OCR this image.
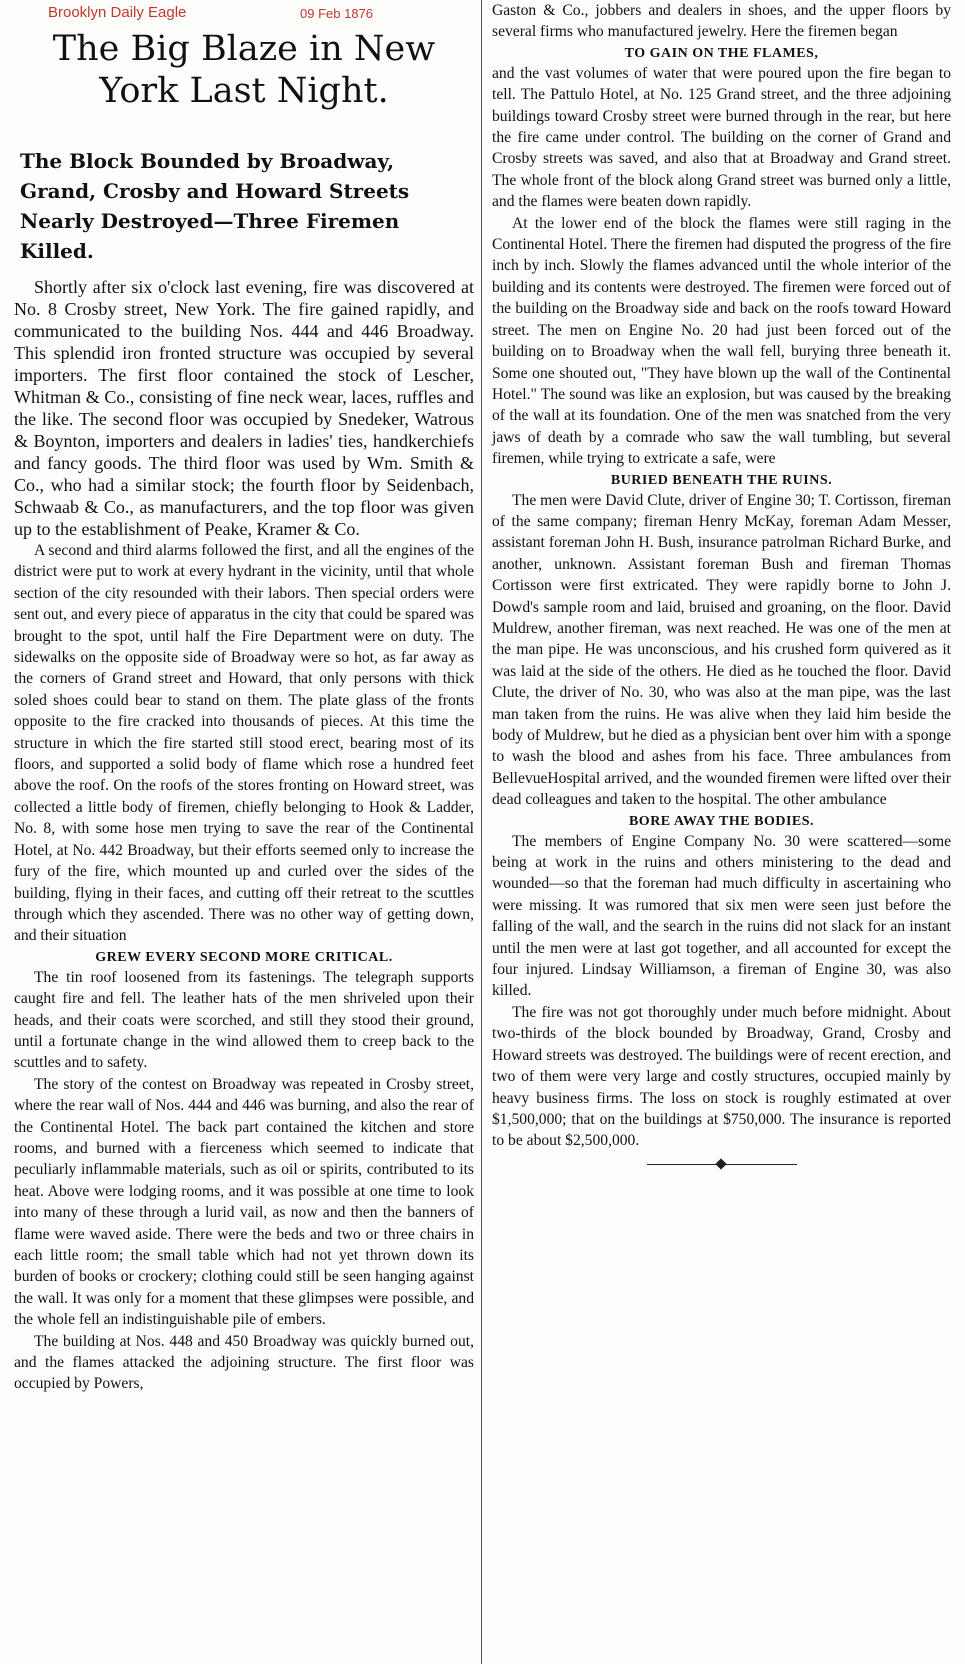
Brooklyn Daily Eagle	09 Feb 1876
The Big Blaze in New York Last Night.
The Block Bounded by Broadway, Grand, Crosby and Howard Streets Nearly Destroyed—Three Firemen Killed.

Shortly after six o'clock last evening, fire was discovered at No. 8 Crosby street, New York. The fire gained rapidly, and communicated to the building Nos. 444 and 446 Broadway. This splendid iron fronted structure was occupied by several importers. The first floor contained the stock of Lescher, Whitman & Co., consisting of fine neck wear, laces, ruffles and the like. The second floor was occupied by Snedeker, Watrous & Boynton, importers and dealers in ladies' ties, handkerchiefs and fancy goods. The third floor was used by Wm. Smith & Co., who had a similar stock; the fourth floor by Seidenbach, Schwaab & Co., as manufacturers, and the top floor was given up to the establishment of Peake, Kramer & Co.

A second and third alarms followed the first, and all the engines of the district were put to work at every hydrant in the vicinity, until that whole section of the city resounded with their labors. Then special orders were sent out, and every piece of apparatus in the city that could be spared was brought to the spot, until half the Fire Department were on duty. The sidewalks on the opposite side of Broadway were so hot, as far away as the corners of Grand street and Howard, that only persons with thick soled shoes could bear to stand on them. The plate glass of the fronts opposite to the fire cracked into thousands of pieces. At this time the structure in which the fire started still stood erect, bearing most of its floors, and supported a solid body of flame which rose a hundred feet above the roof. On the roofs of the stores fronting on Howard street, was collected a little body of firemen, chiefly belonging to Hook & Ladder, No. 8, with some hose men trying to save the rear of the Continental Hotel, at No. 442 Broadway, but their efforts seemed only to increase the fury of the fire, which mounted up and curled over the sides of the building, flying in their faces, and cutting off their retreat to the scuttles through which they ascended. There was no other way of getting down, and their situation

GREW EVERY SECOND MORE CRITICAL.

The tin roof loosened from its fastenings. The telegraph supports caught fire and fell. The leather hats of the men shriveled upon their heads, and their coats were scorched, and still they stood their ground, until a fortunate change in the wind allowed them to creep back to the scuttles and to safety.

The story of the contest on Broadway was repeated in Crosby street, where the rear wall of Nos. 444 and 446 was burning, and also the rear of the Continental Hotel. The back part contained the kitchen and store rooms, and burned with a fierceness which seemed to indicate that peculiarly inflammable materials, such as oil or spirits, contributed to its heat. Above were lodging rooms, and it was possible at one time to look into many of these through a lurid vail, as now and then the banners of flame were waved aside. There were the beds and two or three chairs in each little room; the small table which had not yet thrown down its burden of books or crockery; clothing could still be seen hanging against the wall. It was only for a moment that these glimpses were possible, and the whole fell an indistinguishable pile of embers.

The building at Nos. 448 and 450 Broadway was quickly burned out, and the flames attacked the adjoining structure. The first floor was occupied by Powers,

Gaston & Co., jobbers and dealers in shoes, and the upper floors by several firms who manufactured jewelry. Here the firemen began

TO GAIN ON THE FLAMES,

and the vast volumes of water that were poured upon the fire began to tell. The Pattulo Hotel, at No. 125 Grand street, and the three adjoining buildings toward Crosby street were burned through in the rear, but here the fire came under control. The building on the corner of Grand and Crosby streets was saved, and also that at Broadway and Grand street. The whole front of the block along Grand street was burned only a little, and the flames were beaten down rapidly.

At the lower end of the block the flames were still raging in the Continental Hotel. There the firemen had disputed the progress of the fire inch by inch. Slowly the flames advanced until the whole interior of the building and its contents were destroyed. The firemen were forced out of the building on the Broadway side and back on the roofs toward Howard street. The men on Engine No. 20 had just been forced out of the building on to Broadway when the wall fell, burying three beneath it. Some one shouted out, "They have blown up the wall of the Continental Hotel." The sound was like an explosion, but was caused by the breaking of the wall at its foundation. One of the men was snatched from the very jaws of death by a comrade who saw the wall tumbling, but several firemen, while trying to extricate a safe, were

BURIED BENEATH THE RUINS.

The men were David Clute, driver of Engine 30; T. Cortisson, fireman of the same company; fireman Henry McKay, foreman Adam Messer, assistant foreman John H. Bush, insurance patrolman Richard Burke, and another, unknown. Assistant foreman Bush and fireman Thomas Cortisson were first extricated. They were rapidly borne to John J. Dowd's sample room and laid, bruised and groaning, on the floor. David Muldrew, another fireman, was next reached. He was one of the men at the man pipe. He was unconscious, and his crushed form quivered as it was laid at the side of the others. He died as he touched the floor. David Clute, the driver of No. 30, who was also at the man pipe, was the last man taken from the ruins. He was alive when they laid him beside the body of Muldrew, but he died as a physician bent over him with a sponge to wash the blood and ashes from his face. Three ambulances from BellevueHospital arrived, and the wounded firemen were lifted over their dead colleagues and taken to the hospital. The other ambulance

BORE AWAY THE BODIES.

The members of Engine Company No. 30 were scattered—some being at work in the ruins and others ministering to the dead and wounded—so that the foreman had much difficulty in ascertaining who were missing. It was rumored that six men were seen just before the falling of the wall, and the search in the ruins did not slack for an instant until the men were at last got together, and all accounted for except the four injured. Lindsay Williamson, a fireman of Engine 30, was also killed.

The fire was not got thoroughly under much before midnight. About two-thirds of the block bounded by Broadway, Grand, Crosby and Howard streets was destroyed. The buildings were of recent erection, and two of them were very large and costly structures, occupied mainly by heavy business firms. The loss on stock is roughly estimated at over $1,500,000; that on the buildings at $750,000. The insurance is reported to be about $2,500,000.
